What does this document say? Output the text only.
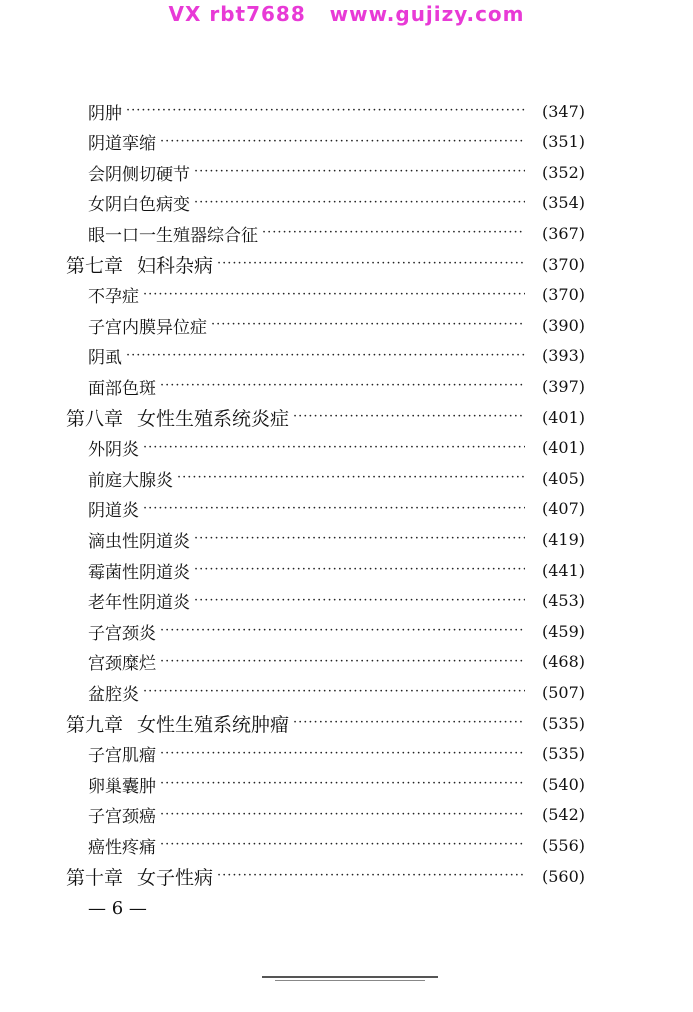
VX rbt7688   www.gujizy.com
阴肿 ·····	(347)
阴道挛缩 ·····	(351)
会阴侧切硬节 ·····	(352)
女阴白色病变 ·····	(354)
眼一口一生殖器综合征 ·····	(367)
第七章 妇科杂病 ·····	(370)
不孕症 ·····	(370)
子宫内膜异位症 ·····	(390)
阴虱 ·····	(393)
面部色斑 ·····	(397)
第八章 女性生殖系统炎症 ·····	(401)
外阴炎 ·····	(401)
前庭大腺炎 ·····	(405)
阴道炎 ·····	(407)
滴虫性阴道炎 ·····	(419)
霉菌性阴道炎 ·····	(441)
老年性阴道炎 ·····	(453)
子宫颈炎 ·····	(459)
宫颈糜烂 ·····	(468)
盆腔炎 ·····	(507)
第九章 女性生殖系统肿瘤 ·····	(535)
子宫肌瘤 ·····	(535)
卵巢囊肿 ·····	(540)
子宫颈癌 ·····	(542)
癌性疼痛 ·····	(556)
第十章 女子性病 ·····	(560)
— 6 —
